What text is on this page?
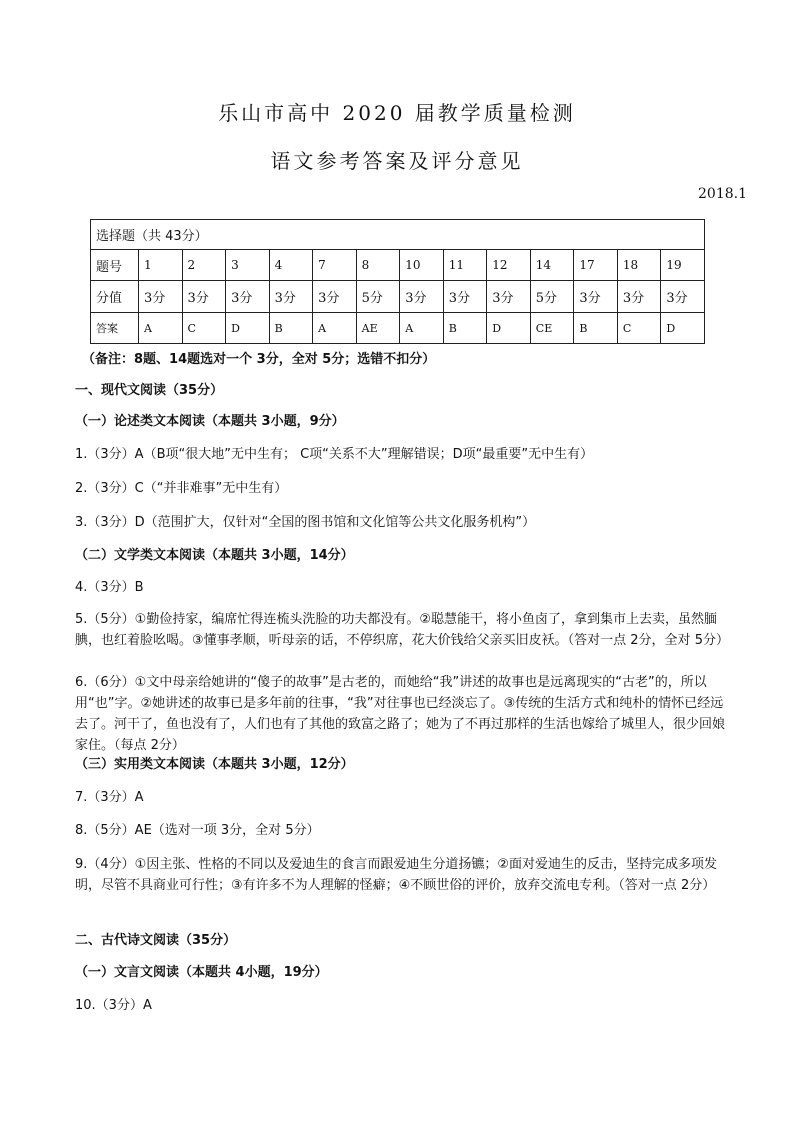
乐山市高中 2020 届教学质量检测
语文参考答案及评分意见
2018.1
选择题（共 43分）													
题号	1	2	3	4	7	8	10	11	12	14	17	18	19
分值	3分	3分	3分	3分	3分	5分	3分	3分	3分	5分	3分	3分	3分
答案	A	C	D	B	A	AE	A	B	D	CE	B	C	D
（备注：8题、14题选对一个 3分，全对 5分；选错不扣分）
一、现代文阅读（35分）
（一）论述类文本阅读（本题共 3小题，9分）
1.（3分）A（B项“很大地”无中生有； C项“关系不大”理解错误；D项“最重要”无中生有）
2.（3分）C（“并非难事”无中生有）
3.（3分）D（范围扩大，仅针对“全国的图书馆和文化馆等公共文化服务机构”）
（二）文学类文本阅读（本题共 3小题，14分）
4.（3分）B
5.（5分）①勤俭持家，编席忙得连梳头洗脸的功夫都没有。②聪慧能干，将小鱼卤了，拿到集市上去卖，虽然腼腆，也红着脸吆喝。③懂事孝顺，听母亲的话，不停织席，花大价钱给父亲买旧皮袄。（答对一点 2分，全对 5分）
6.（6分）①文中母亲给她讲的“傻子的故事”是古老的，而她给“我”讲述的故事也是远离现实的“古老”的，所以用“也”字。②她讲述的故事已是多年前的往事，“我”对往事也已经淡忘了。③传统的生活方式和纯朴的情怀已经远去了。河干了，鱼也没有了，人们也有了其他的致富之路了；她为了不再过那样的生活也嫁给了城里人，很少回娘家住。（每点 2分）
（三）实用类文本阅读（本题共 3小题，12分）
7.（3分）A
8.（5分）AE（选对一项 3分，全对 5分）
9.（4分）①因主张、性格的不同以及爱迪生的食言而跟爱迪生分道扬镳；②面对爱迪生的反击，坚持完成多项发明，尽管不具商业可行性；③有许多不为人理解的怪癖；④不顾世俗的评价，放弃交流电专利。（答对一点 2分）
二、古代诗文阅读（35分）
（一）文言文阅读（本题共 4小题，19分）
10.（3分）A
